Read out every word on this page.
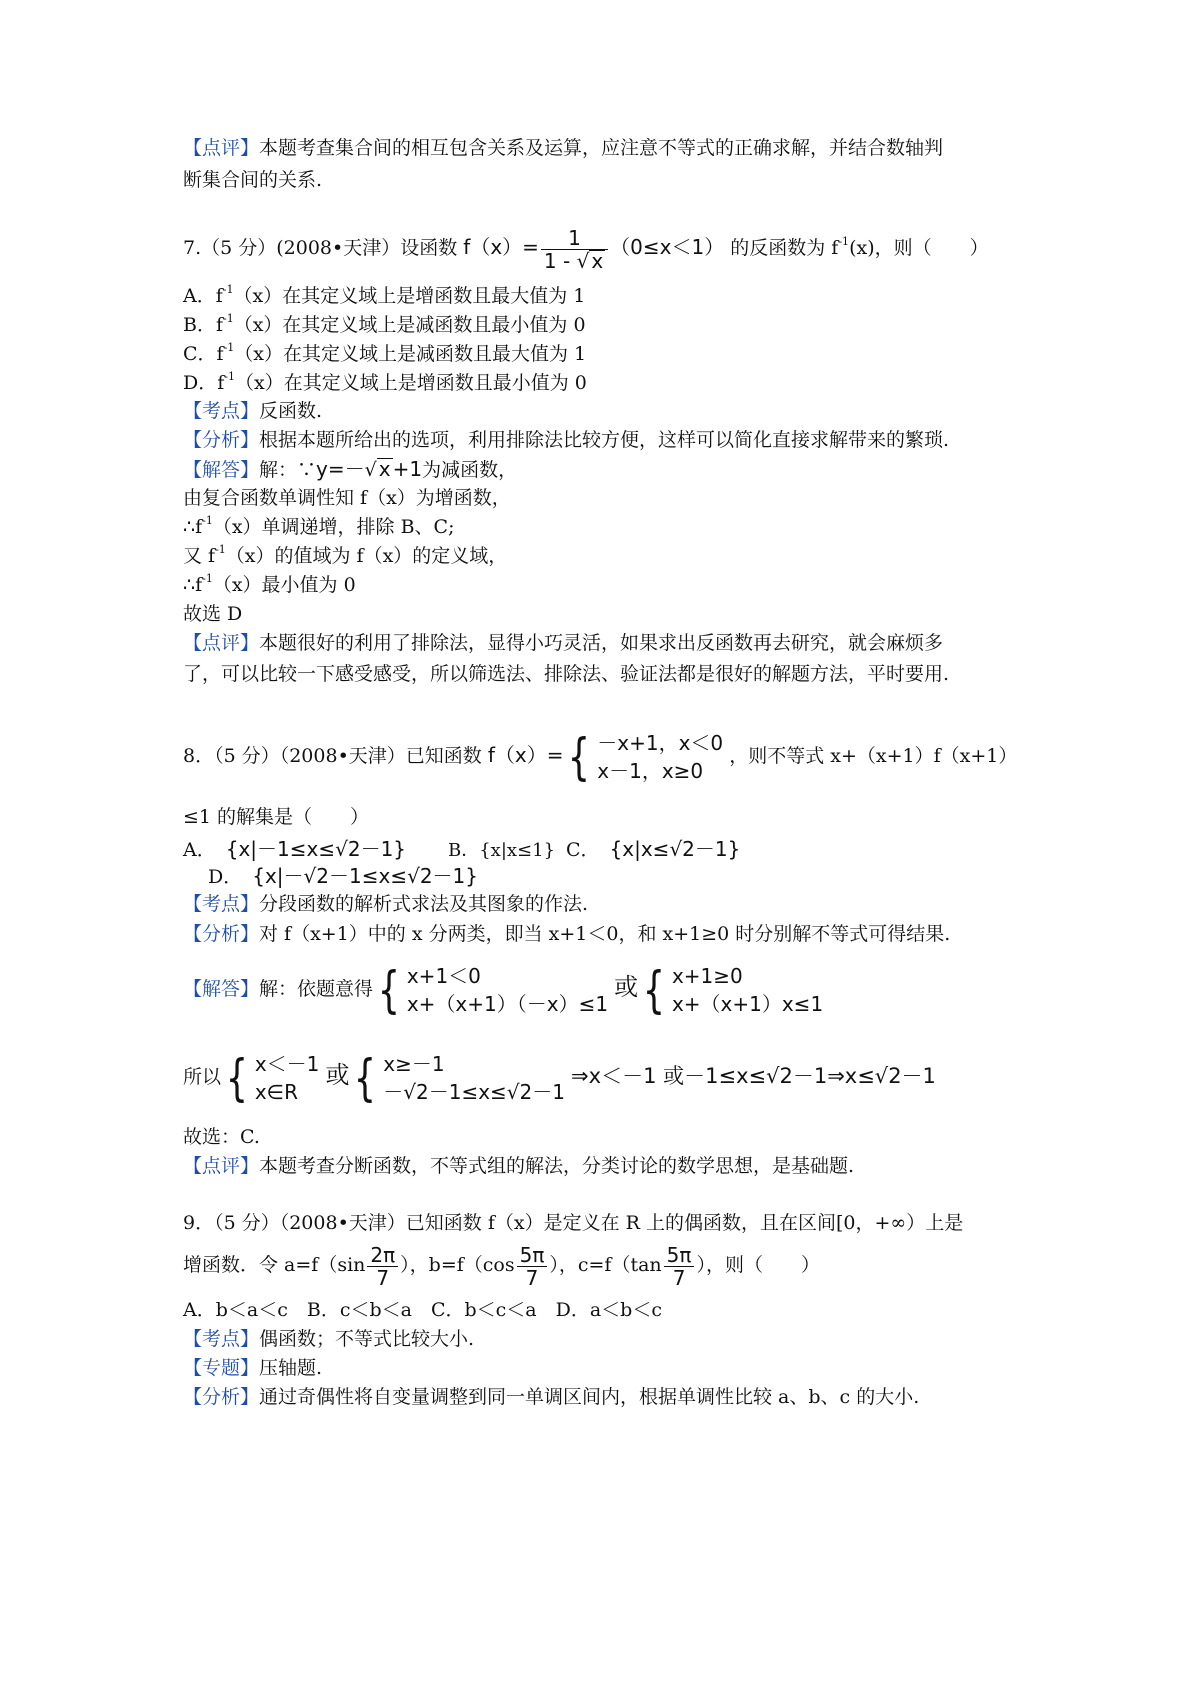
【点评】本题考查集合间的相互包含关系及运算，应注意不等式的正确求解，并结合数轴判
断集合间的关系.
7.（5 分）(2008•天津）设函数 $f(x)= \frac{1}{1 - √ x} (0\le x<1)$ 的反函数为 $f^{-1}(x)$，则（　　）
A．$f^{-1}(x)$在其定义域上是增函数且最大值为 1
B．$f^{-1}(x)$在其定义域上是减函数且最小值为 0
C．$f^{-1}(x)$在其定义域上是减函数且最大值为 1
D．$f^{-1}(x)$在其定义域上是增函数且最小值为 0
【考点】反函数.
【分析】根据本题所给出的选项，利用排除法比较方便，这样可以简化直接求解带来的繁琐.
【解答】解：∵y=－√ x +1为减函数，
由复合函数单调性知 f（x）为增函数，
$\therefore f^{-1}(x)$单调递增，排除 B、C;
又 $f^{-1}(x)$的值域为 f（x）的定义域，
$\therefore f^{-1}(x)$最小值为 0
故选 D
【点评】本题很好的利用了排除法，显得小巧灵活，如果求出反函数再去研究，就会麻烦多
了，可以比较一下感受感受，所以筛选法、排除法、验证法都是很好的解题方法，平时要用.
8．（5 分）（2008•天津）已知函数 f（x）={ －x+1，x＜0
x－1，x≥0
，则不等式 x+（x+1）f（x+1）
≤1 的解集是（　　）
A． {x|－1≤x≤√2－1} B．{x|x≤1} C． {x|x≤√2－1}
D． {x|－√2－1≤x≤√2－1}
【考点】分段函数的解析式求法及其图象的作法.
【分析】对 f（x+1）中的 x 分两类，即当 x+1＜0，和 x+1≥0 时分别解不等式可得结果.
【解答】解：依题意得{ x+1＜0
x+（x+1）（－x）≤1
或{ x+1≥0
x+（x+1）x≤1
所以{ x＜－1
x∈R
或{ x≥－1
－√2－1≤x≤√2－1
⇒x＜－1 或－1≤x≤√2－1⇒x≤√2－1
故选：C.
【点评】本题考查分断函数，不等式组的解法，分类讨论的数学思想，是基础题.
9．（5 分）（2008•天津）已知函数 f（x）是定义在 R 上的偶函数，且在区间[0，+∞）上是
增函数．令 $a=f(\sin \frac{2\pi}{7}$ ），$b=f(\cos \frac{5\pi}{7}$ ），$c=f(\tan \frac{5\pi}{7}$ ），则（　　）
A．b＜a＜c　B．c＜b＜a　C．b＜c＜a　D．a＜b＜c
【考点】偶函数；不等式比较大小.
【专题】压轴题.
【分析】通过奇偶性将自变量调整到同一单调区间内，根据单调性比较 a、b、c 的大小.
